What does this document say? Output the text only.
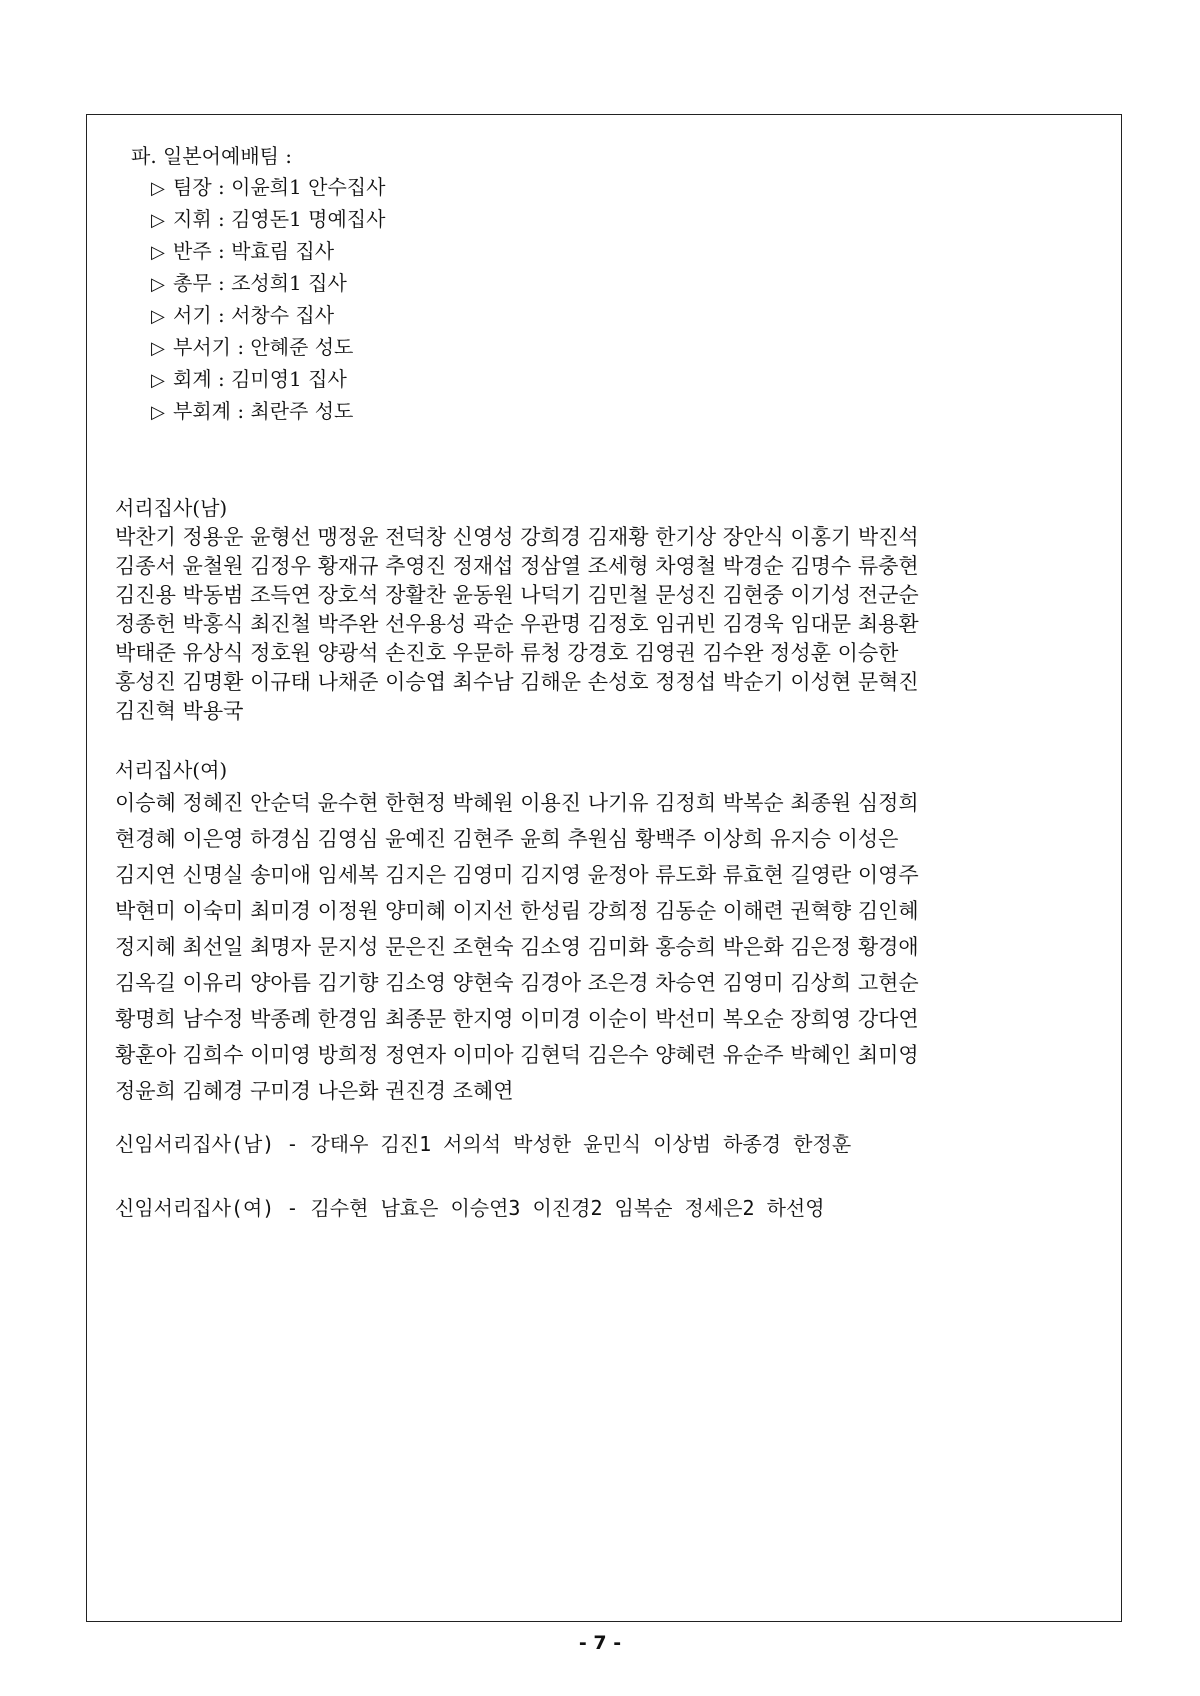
파. 일본어예배팀 :
▷ 팀장 : 이윤희1 안수집사
▷ 지휘 : 김영돈1 명예집사
▷ 반주 : 박효림 집사
▷ 총무 : 조성희1 집사
▷ 서기 : 서창수 집사
▷ 부서기 : 안혜준 성도
▷ 회계 : 김미영1 집사
▷ 부회계 : 최란주 성도
서리집사(남)
박찬기 정용운 윤형선 맹정윤 전덕창 신영성 강희경 김재황 한기상 장안식 이홍기 박진석
김종서 윤철원 김정우 황재규 추영진 정재섭 정삼열 조세형 차영철 박경순 김명수 류충현
김진용 박동범 조득연 장호석 장활찬 윤동원 나덕기 김민철 문성진 김현중 이기성 전군순
정종헌 박홍식 최진철 박주완 선우용성 곽순 우관명 김정호 임귀빈 김경욱 임대문 최용환
박태준 유상식 정호원 양광석 손진호 우문하 류청 강경호 김영권 김수완 정성훈 이승한
홍성진 김명환 이규태 나채준 이승엽 최수남 김해운 손성호 정정섭 박순기 이성현 문혁진
김진혁 박용국
서리집사(여)
이승혜 정혜진 안순덕 윤수현 한현정 박혜원 이용진 나기유 김정희 박복순 최종원 심정희
현경혜 이은영 하경심 김영심 윤예진 김현주 윤희 추원심 황백주 이상희 유지승 이성은
김지연 신명실 송미애 임세복 김지은 김영미 김지영 윤정아 류도화 류효현 길영란 이영주
박현미 이숙미 최미경 이정원 양미혜 이지선 한성림 강희정 김동순 이해련 권혁향 김인혜
정지혜 최선일 최명자 문지성 문은진 조현숙 김소영 김미화 홍승희 박은화 김은정 황경애
김옥길 이유리 양아름 김기향 김소영 양현숙 김경아 조은경 차승연 김영미 김상희 고현순
황명희 남수정 박종례 한경임 최종문 한지영 이미경 이순이 박선미 복오순 장희영 강다연
황훈아 김희수 이미영 방희정 정연자 이미아 김현덕 김은수 양혜련 유순주 박혜인 최미영
정윤희 김혜경 구미경 나은화 권진경 조혜연
신임서리집사(남) - 강태우 김진1 서의석 박성한 윤민식 이상범 하종경 한정훈
신임서리집사(여) - 김수현 남효은 이승연3 이진경2 임복순 정세은2 하선영
- 7 -
